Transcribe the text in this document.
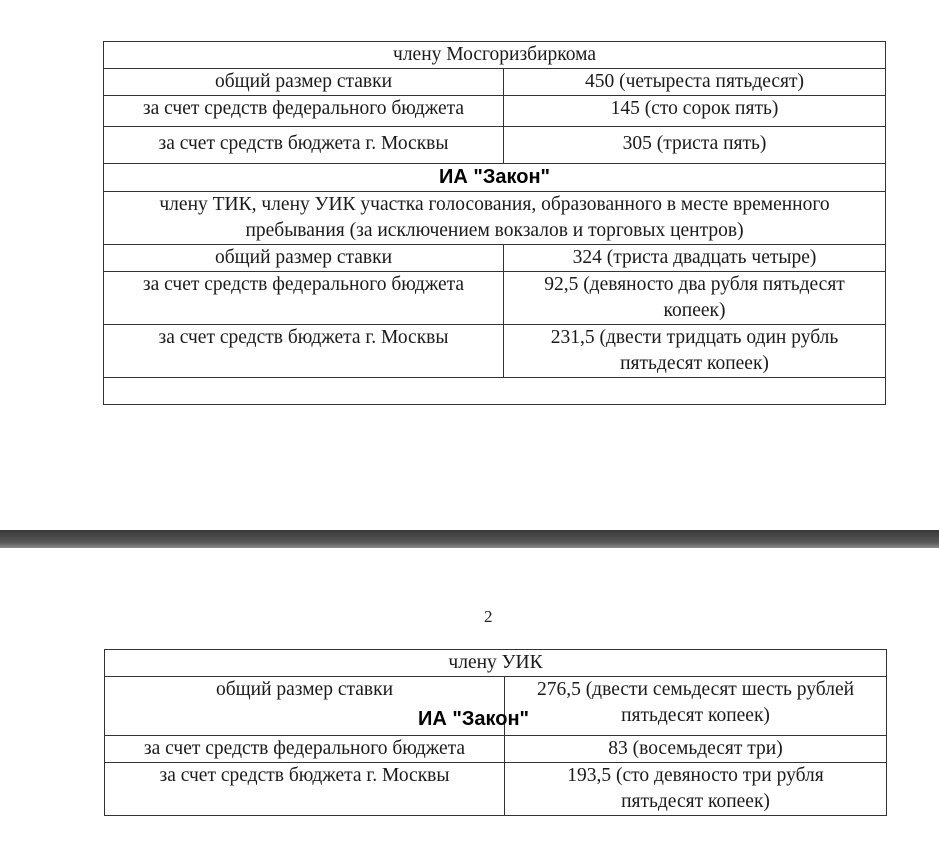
члену Мосгоризбиркома	
общий размер ставки	450 (четыреста пятьдесят)
за счет средств федерального бюджета	145 (сто сорок пять)
за счет средств бюджета г. Москвы	305 (триста пять)
ИА "Закон"	
члену ТИК, члену УИК участка голосования, образованного в месте временного пребывания (за исключением вокзалов и торговых центров)	
общий размер ставки	324 (триста двадцать четыре)
за счет средств федерального бюджета	92,5 (девяносто два рубля пятьдесят копеек)
за счет средств бюджета г. Москвы	231,5 (двести тридцать один рубль пятьдесят копеек)

2
члену УИК	
общий размер ставки	276,5 (двести семьдесят шесть рублей пятьдесят копеек)
за счет средств федерального бюджета	83 (восемьдесят три)
за счет средств бюджета г. Москвы	193,5 (сто девяносто три рубля пятьдесят копеек)
ИА "Закон"
